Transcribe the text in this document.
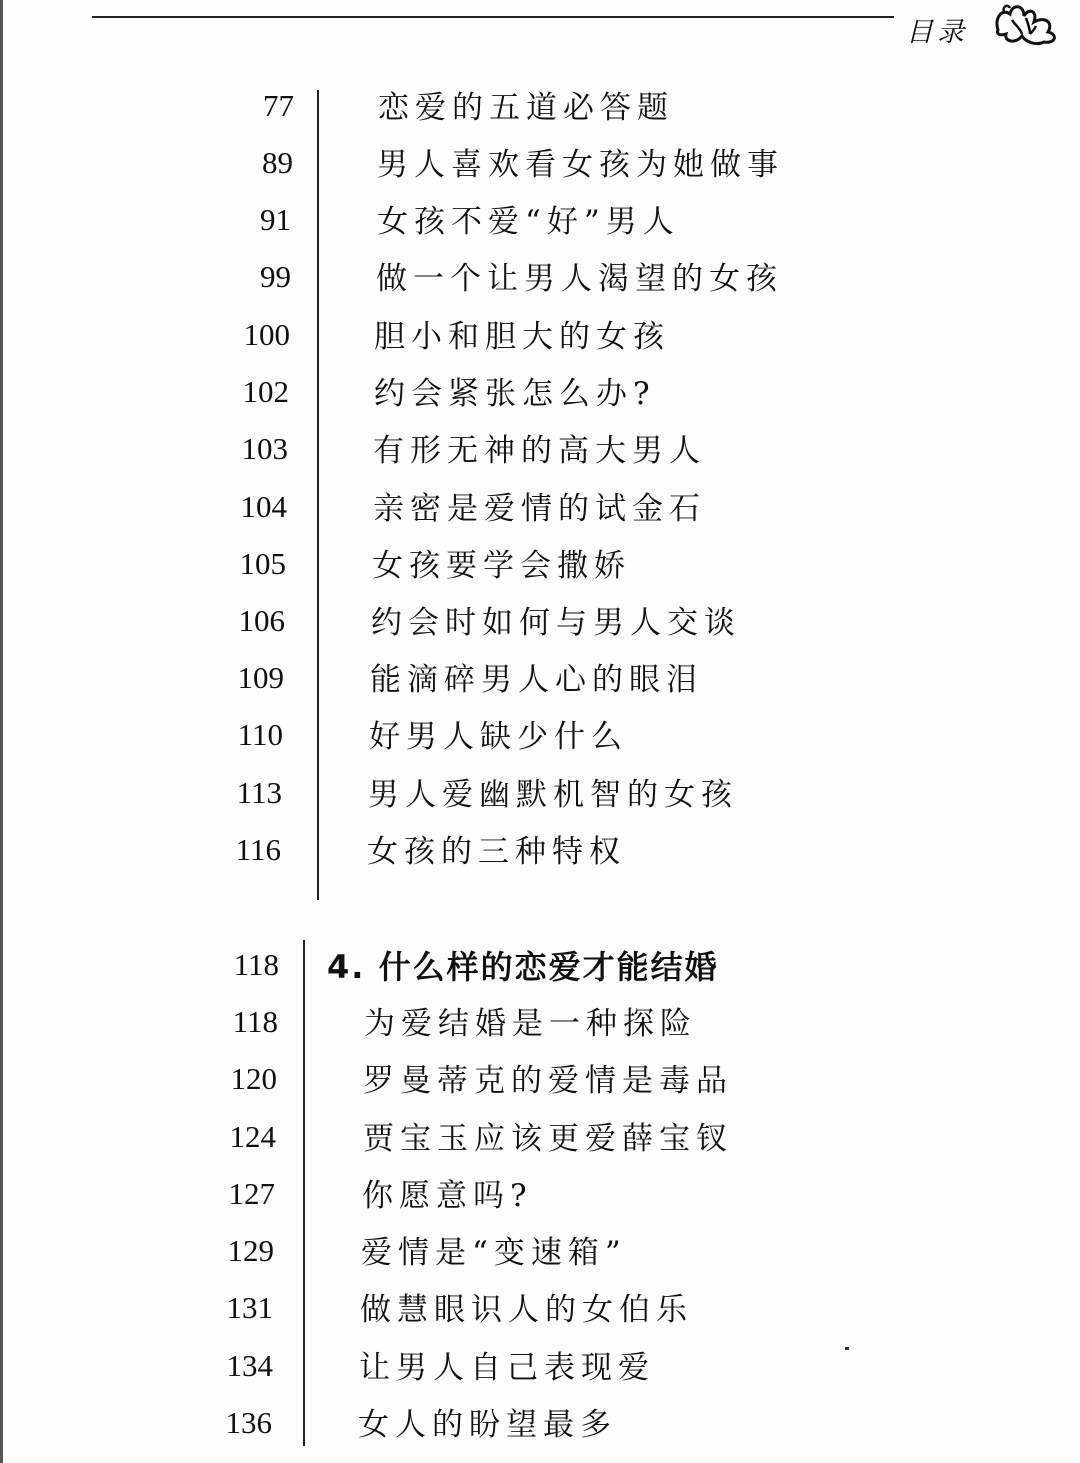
目录
77	恋爱的五道必答题
89	男人喜欢看女孩为她做事
91	女孩不爱“好”男人
99	做一个让男人渴望的女孩
100	胆小和胆大的女孩
102	约会紧张怎么办?
103	有形无神的高大男人
104	亲密是爱情的试金石
105	女孩要学会撒娇
106	约会时如何与男人交谈
109	能滴碎男人心的眼泪
110	好男人缺少什么
113	男人爱幽默机智的女孩
116	女孩的三种特权
118 4. 什么样的恋爱才能结婚
118	为爱结婚是一种探险
120	罗曼蒂克的爱情是毒品
124	贾宝玉应该更爱薛宝钗
127	你愿意吗?
129	爱情是“变速箱”
131	做慧眼识人的女伯乐
134	让男人自己表现爱
136	女人的盼望最多
